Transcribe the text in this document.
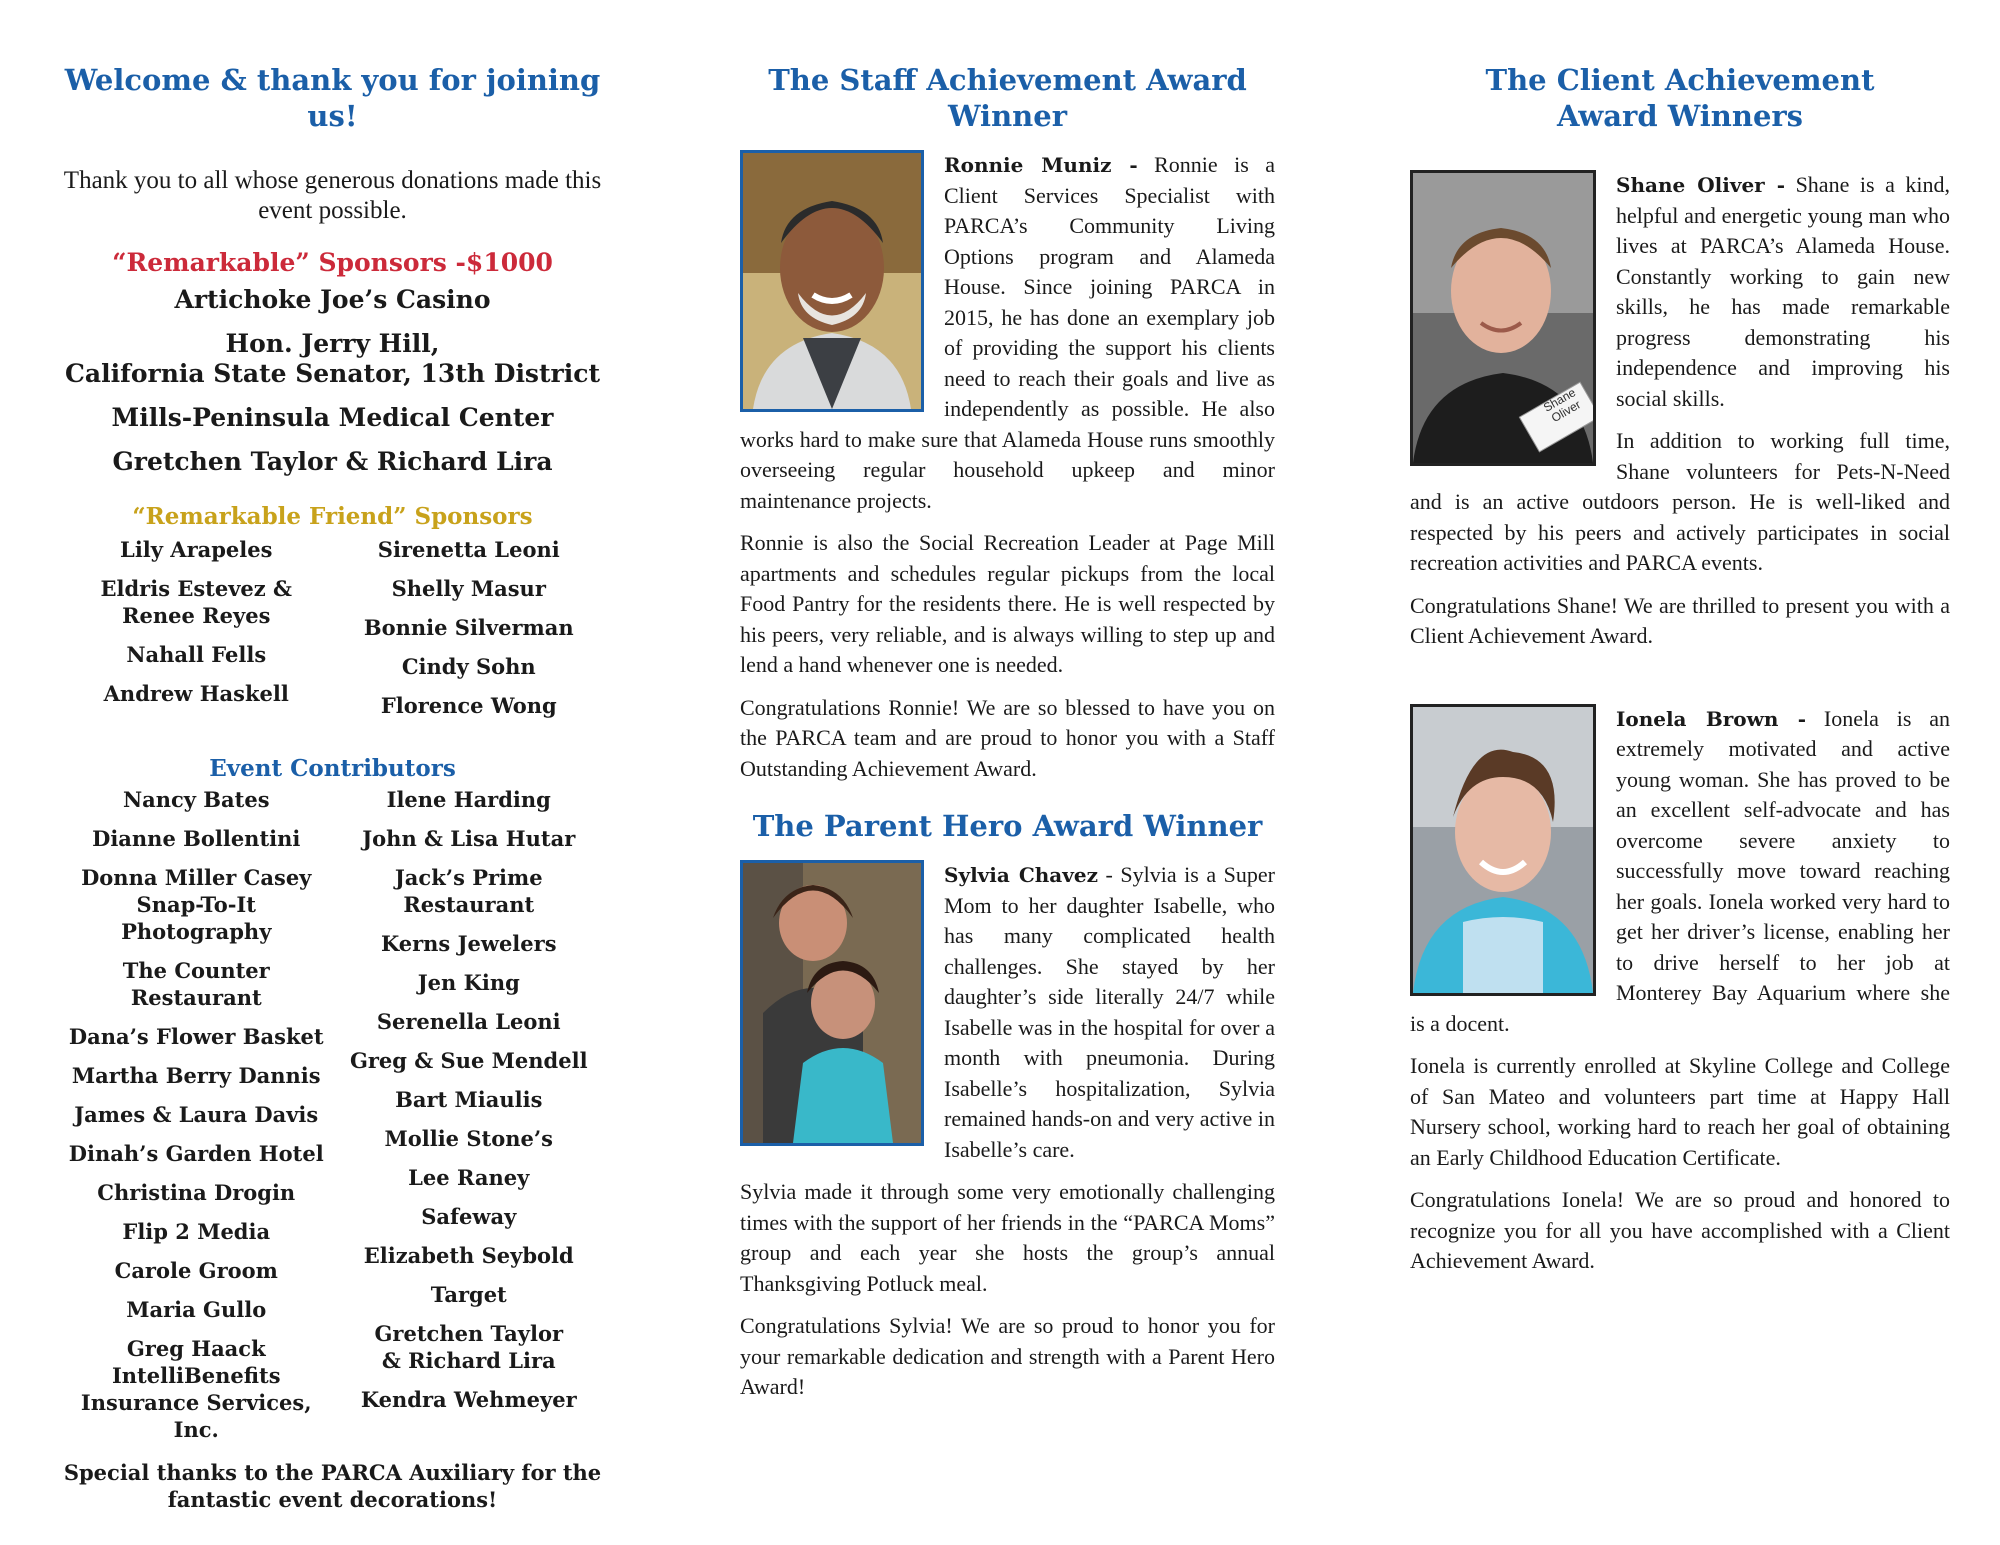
Welcome & thank you for joining us!

Thank you to all whose generous donations made this event possible.

“Remarkable” Sponsors -$1000
Artichoke Joe’s Casino
Hon. Jerry Hill,
California State Senator, 13th District
Mills-Peninsula Medical Center
Gretchen Taylor & Richard Lira
“Remarkable Friend” Sponsors
Lily Arapeles
Eldris Estevez & Renee Reyes
Nahall Fells
Andrew Haskell
Sirenetta Leoni
Shelly Masur
Bonnie Silverman
Cindy Sohn
Florence Wong
Event Contributors
Nancy Bates
Dianne Bollentini
Donna Miller Casey Snap-To-It Photography
The Counter Restaurant
Dana’s Flower Basket
Martha Berry Dannis
James & Laura Davis
Dinah’s Garden Hotel
Christina Drogin
Flip 2 Media
Carole Groom
Maria Gullo
Greg Haack IntelliBenefits Insurance Services, Inc.
Ilene Harding
John & Lisa Hutar
Jack’s Prime Restaurant
Kerns Jewelers
Jen King
Serenella Leoni
Greg & Sue Mendell
Bart Miaulis
Mollie Stone’s
Lee Raney
Safeway
Elizabeth Seybold
Target
Gretchen Taylor & Richard Lira
Kendra Wehmeyer
Special thanks to the PARCA Auxiliary for the fantastic event decorations!
The Staff Achievement Award Winner

Ronnie Muniz - Ronnie is a Client Services Specialist with PARCA’s Community Living Options program and Alameda House. Since joining PARCA in 2015, he has done an exemplary job of providing the support his clients need to reach their goals and live as independently as possible. He also works hard to make sure that Alameda House runs smoothly overseeing regular household upkeep and minor maintenance projects.

Ronnie is also the Social Recreation Leader at Page Mill apartments and schedules regular pickups from the local Food Pantry for the residents there. He is well respected by his peers, very reliable, and is always willing to step up and lend a hand whenever one is needed.

Congratulations Ronnie! We are so blessed to have you on the PARCA team and are proud to honor you with a Staff Outstanding Achievement Award.

The Parent Hero Award Winner

Sylvia Chavez - Sylvia is a Super Mom to her daughter Isabelle, who has many complicated health challenges. She stayed by her daughter’s side literally 24/7 while Isabelle was in the hospital for over a month with pneumonia. During Isabelle’s hospitalization, Sylvia remained hands-on and very active in Isabelle’s care.

Sylvia made it through some very emotionally challenging times with the support of her friends in the “PARCA Moms” group and each year she hosts the group’s annual Thanksgiving Potluck meal.

Congratulations Sylvia! We are so proud to honor you for your remarkable dedication and strength with a Parent Hero Award!

The Client Achievement
Award Winners
Shane Oliver

Shane Oliver - Shane is a kind, helpful and energetic young man who lives at PARCA’s Alameda House. Constantly working to gain new skills, he has made remarkable progress demonstrating his independence and improving his social skills.

In addition to working full time, Shane volunteers for Pets-N-Need and is an active outdoors person. He is well-liked and respected by his peers and actively participates in social recreation activities and PARCA events.

Congratulations Shane! We are thrilled to present you with a Client Achievement Award.

Ionela Brown - Ionela is an extremely motivated and active young woman. She has proved to be an excellent self-advocate and has overcome severe anxiety to successfully move toward reaching her goals. Ionela worked very hard to get her driver’s license, enabling her to drive herself to her job at Monterey Bay Aquarium where she is a docent.

Ionela is currently enrolled at Skyline College and College of San Mateo and volunteers part time at Happy Hall Nursery school, working hard to reach her goal of obtaining an Early Childhood Education Certificate.

Congratulations Ionela! We are so proud and honored to recognize you for all you have accomplished with a Client Achievement Award.
